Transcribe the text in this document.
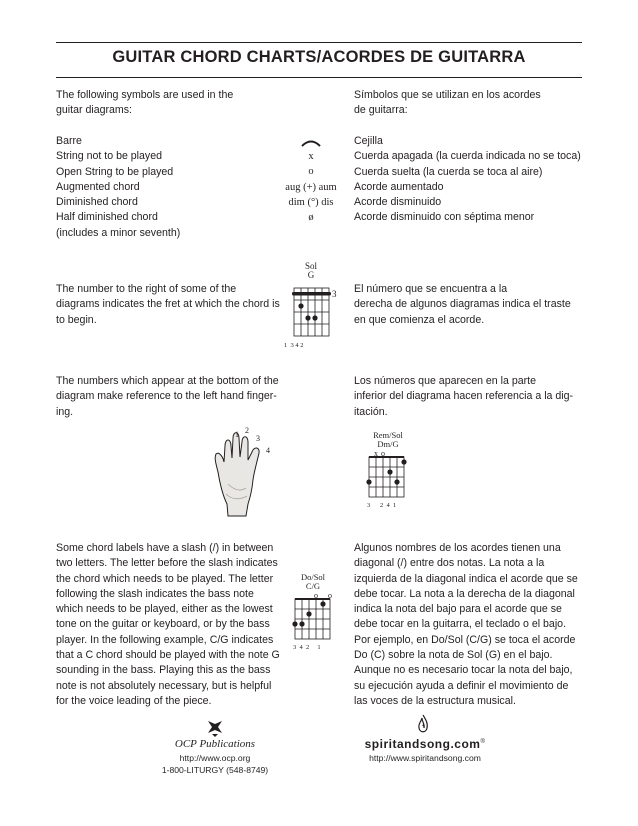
GUITAR CHORD CHARTS/ACORDES DE GUITARRA
The following symbols are used in the
guitar diagrams:
Símbolos que se utilizan en los acordes
de guitarra:
Barre
String not to be played
Open String to be played
Augmented chord
Diminished chord
Half diminished chord
(includes a minor seventh)
x
o
aug (+) aum
dim (°) dis
ø
Cejilla
Cuerda apagada (la cuerda indicada no se toca)
Cuerda suelta (la cuerda se toca al aire)
Acorde aumentado
Acorde disminuido
Acorde disminuido con séptima menor
The number to the right of some of the
diagrams indicates the fret at which the chord is
to begin.
El número que se encuentra a la
derecha de algunos diagramas indica el traste
en que comienza el acorde.
Sol
G
3
1  3 4 2
The numbers which appear at the bottom of the
diagram make reference to the left hand finger-
ing.
Los números que aparecen en la parte
inferior del diagrama hacen referencia a la dig-
itación.
1 2
3
4
Rem/Sol
Dm/G
x o
3      2  4  1
Some chord labels have a slash (/) in between
two letters. The letter before the slash indicates
the chord which needs to be played. The letter
following the slash indicates the bass note
which needs to be played, either as the lowest
tone on the guitar or keyboard, or by the bass
player. In the following example, C/G indicates
that a C chord should be played with the note G
sounding in the bass. Playing this as the bass
note is not absolutely necessary, but is helpful
for the voice leading of the piece.
Algunos nombres de los acordes tienen una
diagonal (/) entre dos notas. La nota a la
izquierda de la diagonal indica el acorde que se
debe tocar. La nota a la derecha de la diagonal
indica la nota del bajo para el acorde que se
debe tocar en la guitarra, el teclado o el bajo.
Por ejemplo, en Do/Sol (C/G) se toca el acorde
Do (C) sobre la nota de Sol (G) en el bajo.
Aunque no es necesario tocar la nota del bajo,
su ejecución ayuda a definir el movimiento de
las voces de la estructura musical.
Do/Sol
C/G
o o
3  4  2     1
OCP Publications
http://www.ocp.org
1-800-LITURGY (548-8749)
spiritandsong.com®
http://www.spiritandsong.com
